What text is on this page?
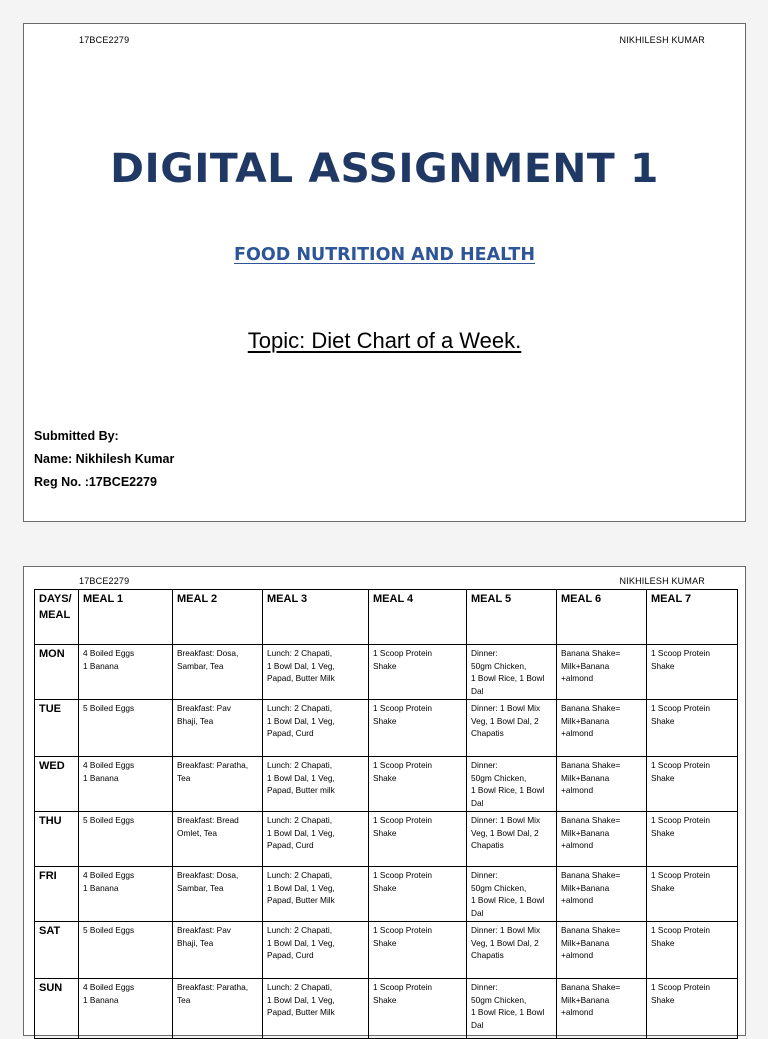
17BCE2279	NIKHILESH KUMAR
DIGITAL ASSIGNMENT 1
FOOD NUTRITION AND HEALTH
Topic: Diet Chart of a Week.
Submitted By:
Name: Nikhilesh Kumar
Reg No. :17BCE2279
17BCE2279	NIKHILESH KUMAR
DAYS/ MEAL	MEAL 1	MEAL 2	MEAL 3	MEAL 4	MEAL 5	MEAL 6	MEAL 7
MON	4 Boiled Eggs
1 Banana	Breakfast: Dosa,
Sambar, Tea	Lunch: 2 Chapati,
1 Bowl Dal, 1 Veg,
Papad, Butter Milk	1 Scoop Protein
Shake	Dinner:
50gm Chicken,
1 Bowl Rice, 1 Bowl
Dal	Banana Shake=
Milk+Banana
+almond	1 Scoop Protein
Shake

TUE	5 Boiled Eggs	Breakfast: Pav
Bhaji, Tea	Lunch: 2 Chapati,
1 Bowl Dal, 1 Veg,
Papad, Curd	1 Scoop Protein
Shake	Dinner: 1 Bowl Mix
Veg, 1 Bowl Dal, 2
Chapatis	Banana Shake=
Milk+Banana
+almond	1 Scoop Protein
Shake

WED	4 Boiled Eggs
1 Banana	Breakfast: Paratha,
Tea	Lunch: 2 Chapati,
1 Bowl Dal, 1 Veg,
Papad, Butter milk	1 Scoop Protein
Shake	Dinner:
50gm Chicken,
1 Bowl Rice, 1 Bowl
Dal	Banana Shake=
Milk+Banana
+almond	1 Scoop Protein
Shake

THU	5 Boiled Eggs	Breakfast: Bread
Omlet, Tea	Lunch: 2 Chapati,
1 Bowl Dal, 1 Veg,
Papad, Curd	1 Scoop Protein
Shake	Dinner: 1 Bowl Mix
Veg, 1 Bowl Dal, 2
Chapatis	Banana Shake=
Milk+Banana
+almond	1 Scoop Protein
Shake

FRI	4 Boiled Eggs
1 Banana	Breakfast: Dosa,
Sambar, Tea	Lunch: 2 Chapati,
1 Bowl Dal, 1 Veg,
Papad, Butter Milk	1 Scoop Protein
Shake	Dinner:
50gm Chicken,
1 Bowl Rice, 1 Bowl
Dal	Banana Shake=
Milk+Banana
+almond	1 Scoop Protein
Shake

SAT	5 Boiled Eggs	Breakfast: Pav
Bhaji, Tea	Lunch: 2 Chapati,
1 Bowl Dal, 1 Veg,
Papad, Curd	1 Scoop Protein
Shake	Dinner: 1 Bowl Mix
Veg, 1 Bowl Dal, 2
Chapatis	Banana Shake=
Milk+Banana
+almond	1 Scoop Protein
Shake

SUN	4 Boiled Eggs
1 Banana	Breakfast: Paratha,
Tea	Lunch: 2 Chapati,
1 Bowl Dal, 1 Veg,
Papad, Butter Milk	1 Scoop Protein
Shake	Dinner:
50gm Chicken,
1 Bowl Rice, 1 Bowl
Dal	Banana Shake=
Milk+Banana
+almond	1 Scoop Protein
Shake
